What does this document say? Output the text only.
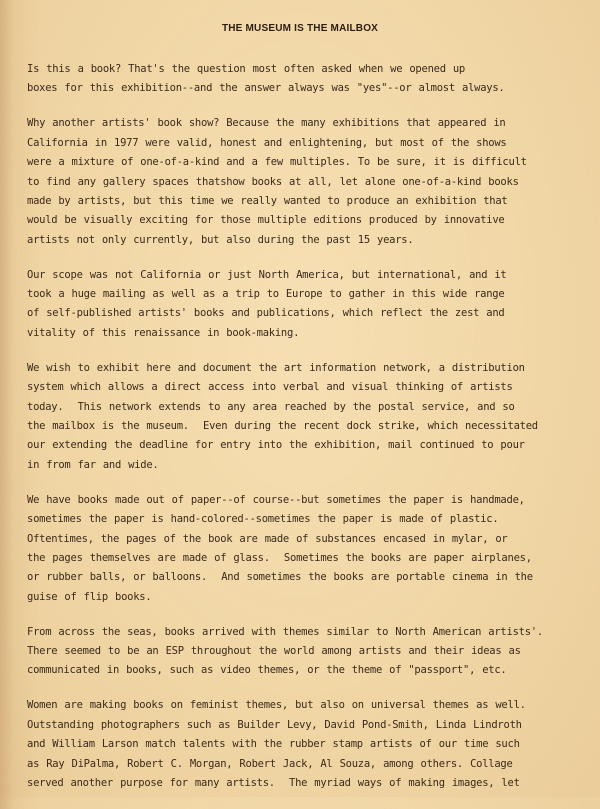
THE MUSEUM IS THE MAILBOX
Is this a book? That's the question most often asked when we opened up
boxes for this exhibition--and the answer always was "yes"--or almost always.
Why another artists' book show? Because the many exhibitions that appeared in
California in 1977 were valid, honest and enlightening, but most of the shows
were a mixture of one-of-a-kind and a few multiples. To be sure, it is difficult
to find any gallery spaces thatshow books at all, let alone one-of-a-kind books
made by artists, but this time we really wanted to produce an exhibition that
would be visually exciting for those multiple editions produced by innovative
artists not only currently, but also during the past 15 years.
Our scope was not California or just North America, but international, and it
took a huge mailing as well as a trip to Europe to gather in this wide range
of self-published artists' books and publications, which reflect the zest and
vitality of this renaissance in book-making.
We wish to exhibit here and document the art information network, a distribution
system which allows a direct access into verbal and visual thinking of artists
today.  This network extends to any area reached by the postal service, and so
the mailbox is the museum.  Even during the recent dock strike, which necessitated
our extending the deadline for entry into the exhibition, mail continued to pour
in from far and wide.
We have books made out of paper--of course--but sometimes the paper is handmade,
sometimes the paper is hand-colored--sometimes the paper is made of plastic.
Oftentimes, the pages of the book are made of substances encased in mylar, or
the pages themselves are made of glass.  Sometimes the books are paper airplanes,
or rubber balls, or balloons.  And sometimes the books are portable cinema in the
guise of flip books.
From across the seas, books arrived with themes similar to North American artists'.
There seemed to be an ESP throughout the world among artists and their ideas as
communicated in books, such as video themes, or the theme of "passport", etc.
Women are making books on feminist themes, but also on universal themes as well.
Outstanding photographers such as Builder Levy, David Pond-Smith, Linda Lindroth
and William Larson match talents with the rubber stamp artists of our time such
as Ray DiPalma, Robert C. Morgan, Robert Jack, Al Souza, among others. Collage
served another purpose for many artists.  The myriad ways of making images, let
